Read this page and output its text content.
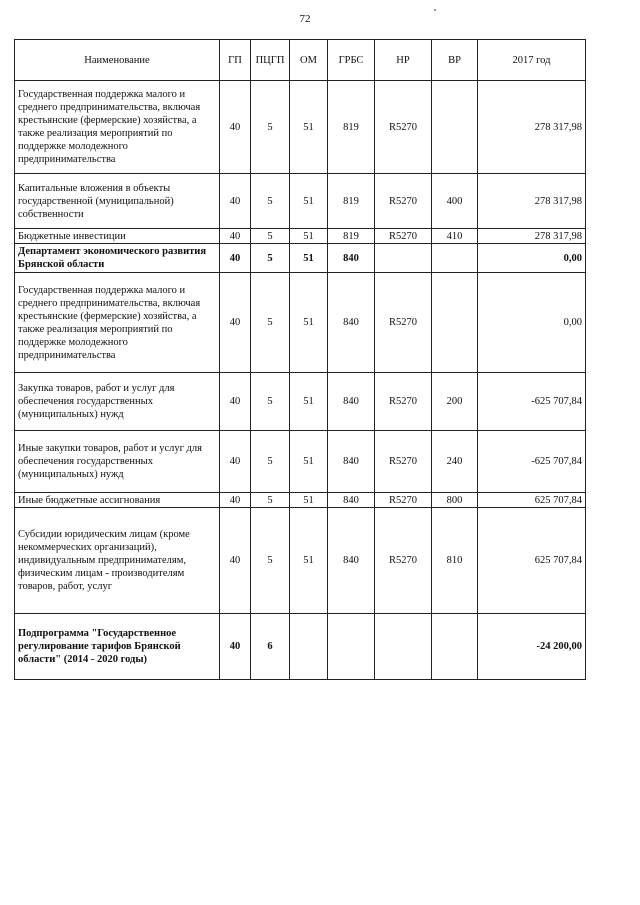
72
Наименование	ГП	ПЦГП	ОМ	ГРБС	НР	ВР	2017 год
Государственная поддержка малого и среднего предпринимательства, включая крестьянские (фермерские) хозяйства, а также реализация мероприятий по поддержке молодежного предпринимательства	40	5	51	819	R5270		278 317,98
Капитальные вложения в объекты государственной (муниципальной) собственности	40	5	51	819	R5270	400	278 317,98
Бюджетные инвестиции	40	5	51	819	R5270	410	278 317,98
Департамент экономического развития Брянской области	40	5	51	840			0,00
Государственная поддержка малого и среднего предпринимательства, включая крестьянские (фермерские) хозяйства, а также реализация мероприятий по поддержке молодежного предпринимательства	40	5	51	840	R5270		0,00
Закупка товаров, работ и услуг для обеспечения государственных (муниципальных) нужд	40	5	51	840	R5270	200	-625 707,84
Иные закупки товаров, работ и услуг для обеспечения государственных (муниципальных) нужд	40	5	51	840	R5270	240	-625 707,84
Иные бюджетные ассигнования	40	5	51	840	R5270	800	625 707,84
Субсидии юридическим лицам (кроме некоммерческих организаций), индивидуальным предпринимателям, физическим лицам - производителям товаров, работ, услуг	40	5	51	840	R5270	810	625 707,84
Подпрограмма "Государственное регулирование тарифов Брянской области" (2014 - 2020 годы)	40	6					-24 200,00
